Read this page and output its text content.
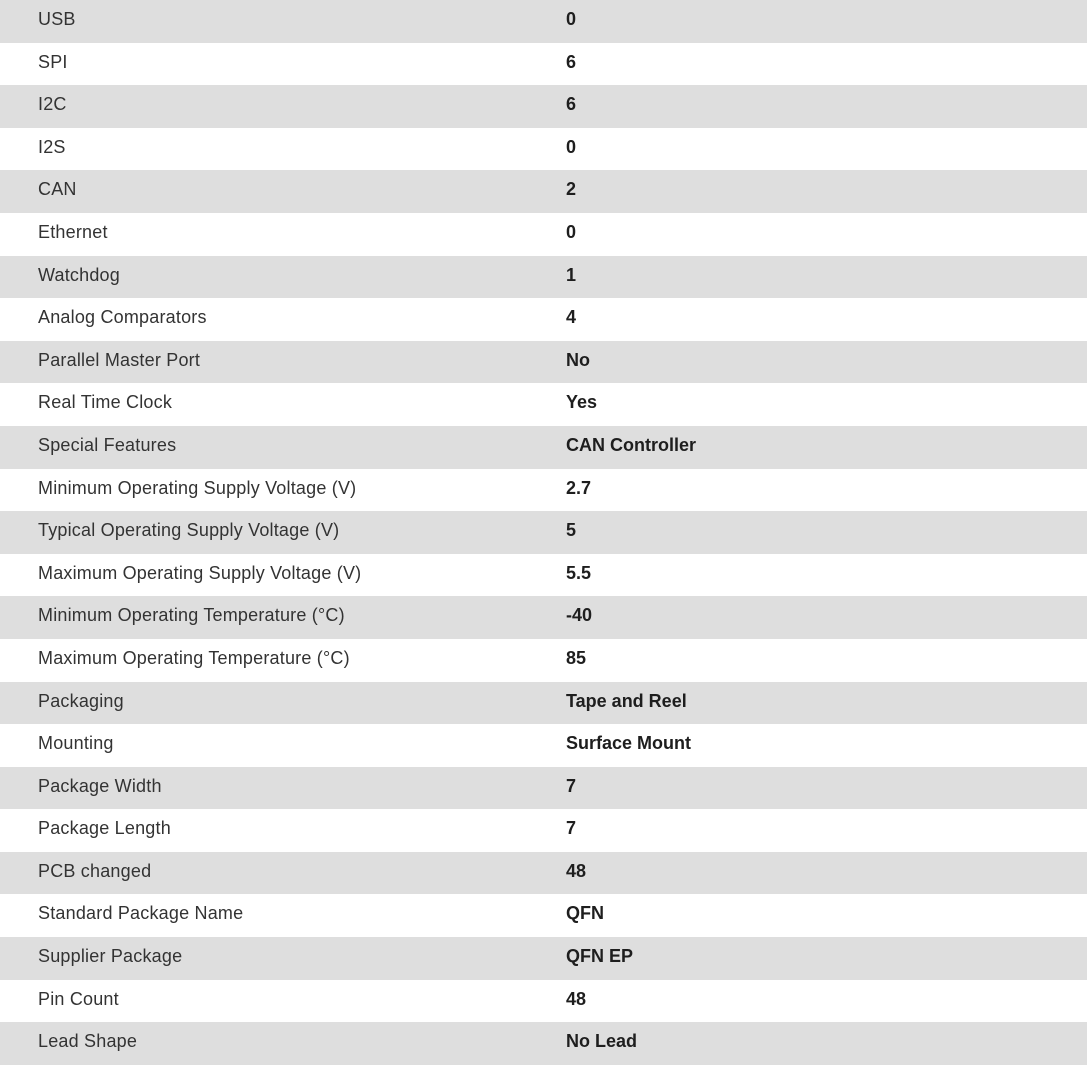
USB	0
SPI	6
I2C	6
I2S	0
CAN	2
Ethernet	0
Watchdog	1
Analog Comparators	4
Parallel Master Port	No
Real Time Clock	Yes
Special Features	CAN Controller
Minimum Operating Supply Voltage (V)	2.7
Typical Operating Supply Voltage (V)	5
Maximum Operating Supply Voltage (V)	5.5
Minimum Operating Temperature (°C)	-40
Maximum Operating Temperature (°C)	85
Packaging	Tape and Reel
Mounting	Surface Mount
Package Width	7
Package Length	7
PCB changed	48
Standard Package Name	QFN
Supplier Package	QFN EP
Pin Count	48
Lead Shape	No Lead
